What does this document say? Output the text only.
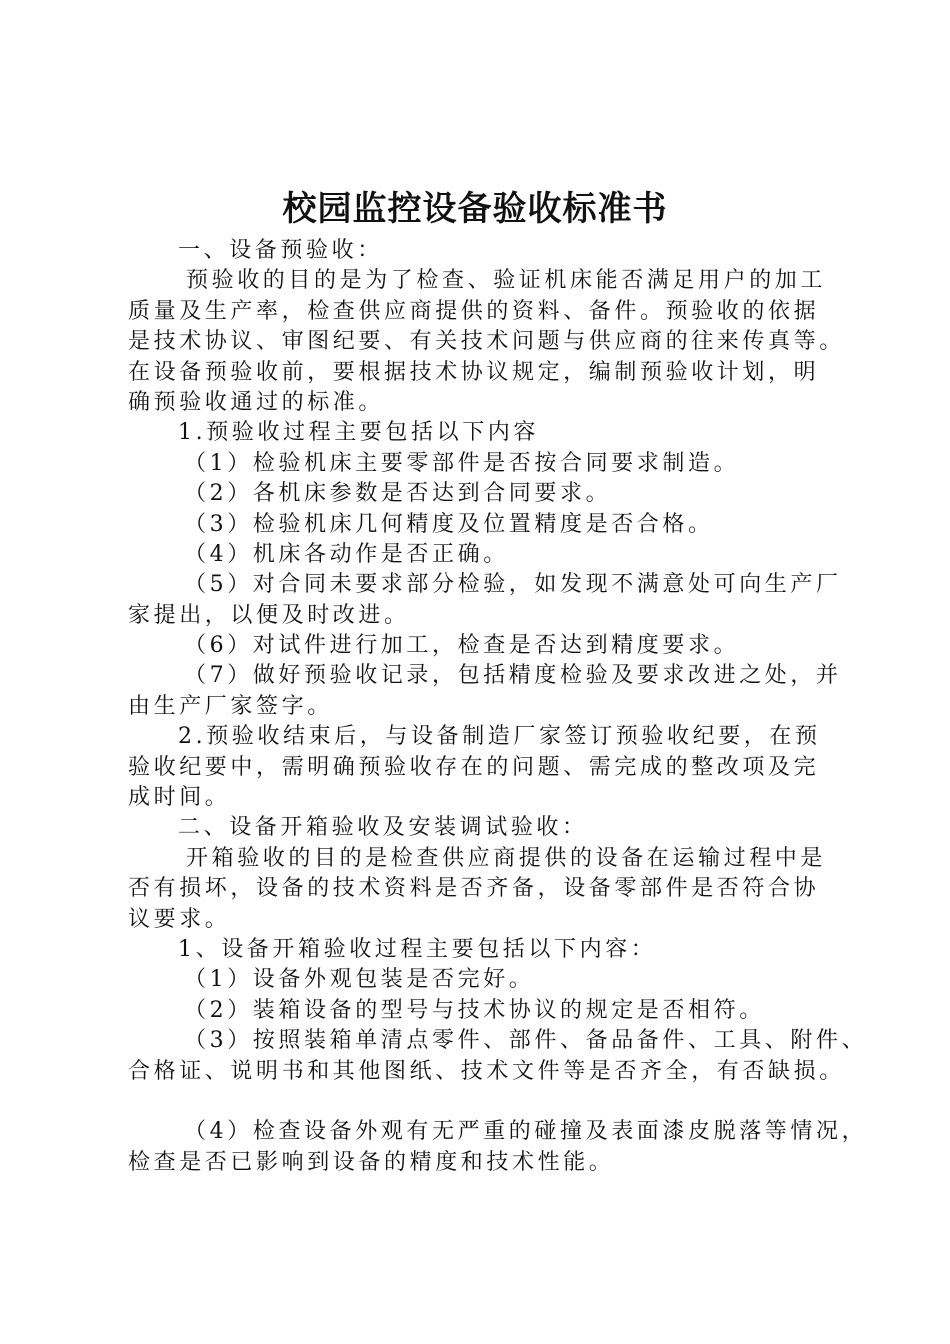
校园监控设备验收标准书
一、设备预验收：
预验收的目的是为了检查、验证机床能否满足用户的加工
质量及生产率，检查供应商提供的资料、备件。预验收的依据
是技术协议、审图纪要、有关技术问题与供应商的往来传真等。
在设备预验收前，要根据技术协议规定，编制预验收计划，明
确预验收通过的标准。
1.预验收过程主要包括以下内容
（1）检验机床主要零部件是否按合同要求制造。
（2）各机床参数是否达到合同要求。
（3）检验机床几何精度及位置精度是否合格。
（4）机床各动作是否正确。
（5）对合同未要求部分检验，如发现不满意处可向生产厂
家提出，以便及时改进。
（6）对试件进行加工，检查是否达到精度要求。
（7）做好预验收记录，包括精度检验及要求改进之处，并
由生产厂家签字。
2.预验收结束后，与设备制造厂家签订预验收纪要，在预
验收纪要中，需明确预验收存在的问题、需完成的整改项及完
成时间。
二、设备开箱验收及安装调试验收：
开箱验收的目的是检查供应商提供的设备在运输过程中是
否有损坏，设备的技术资料是否齐备，设备零部件是否符合协
议要求。
1、设备开箱验收过程主要包括以下内容：
（1）设备外观包装是否完好。
（2）装箱设备的型号与技术协议的规定是否相符。
（3）按照装箱单清点零件、部件、备品备件、工具、附件、
合格证、说明书和其他图纸、技术文件等是否齐全，有否缺损。
（4）检查设备外观有无严重的碰撞及表面漆皮脱落等情况，
检查是否已影响到设备的精度和技术性能。
